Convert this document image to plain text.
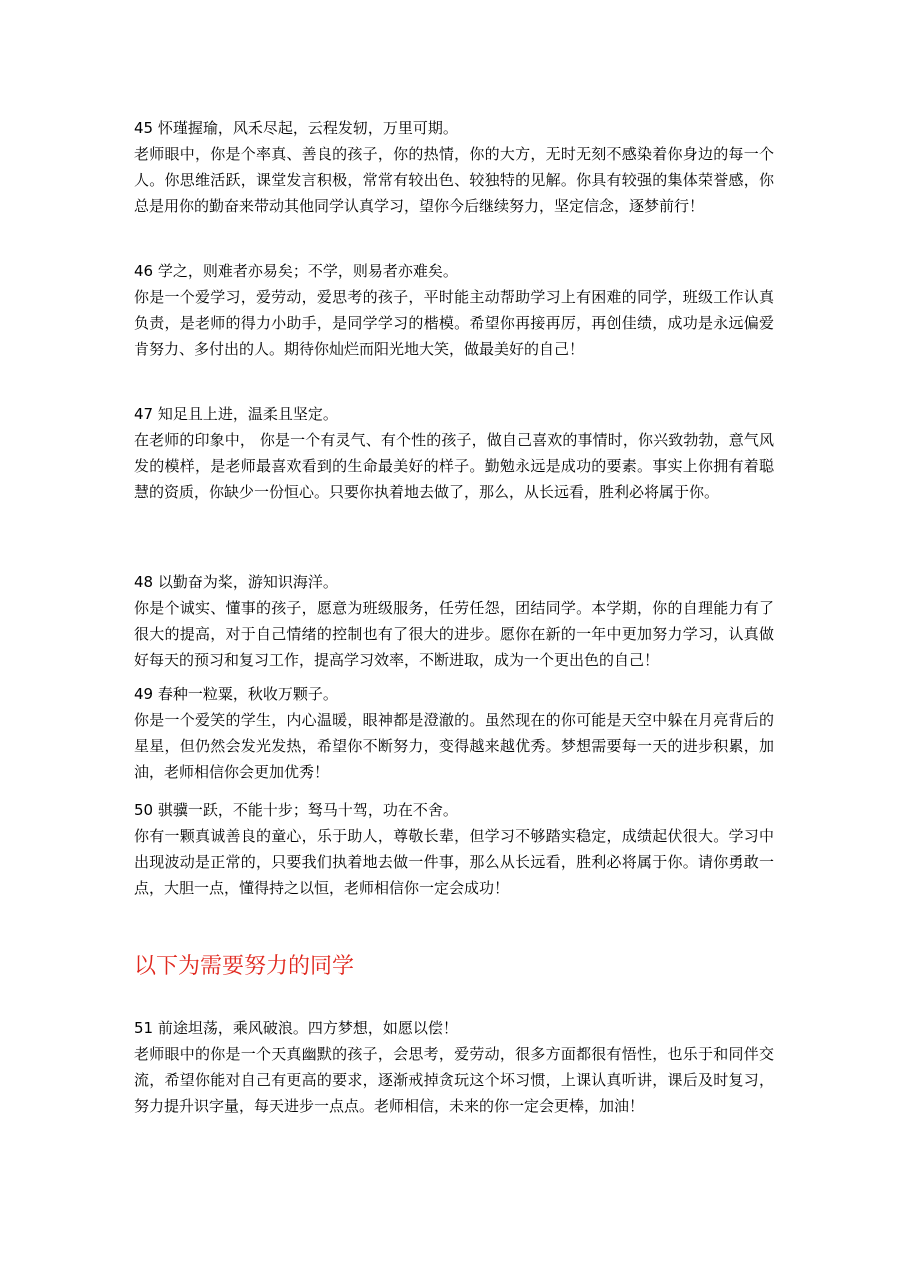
45 怀瑾握瑜，风禾尽起，云程发轫，万里可期。

老师眼中，你是个率真、善良的孩子，你的热情，你的大方，无时无刻不感染着你身边的每一个人。你思维活跃，课堂发言积极，常常有较出色、较独特的见解。你具有较强的集体荣誉感，你总是用你的勤奋来带动其他同学认真学习，望你今后继续努力，坚定信念，逐梦前行！

46 学之，则难者亦易矣；不学，则易者亦难矣。

你是一个爱学习，爱劳动，爱思考的孩子，平时能主动帮助学习上有困难的同学，班级工作认真负责，是老师的得力小助手，是同学学习的楷模。希望你再接再厉，再创佳绩，成功是永远偏爱肯努力、多付出的人。期待你灿烂而阳光地大笑，做最美好的自己！

47 知足且上进，温柔且坚定。

在老师的印象中， 你是一个有灵气、有个性的孩子，做自己喜欢的事情时，你兴致勃勃，意气风发的模样，是老师最喜欢看到的生命最美好的样子。勤勉永远是成功的要素。事实上你拥有着聪慧的资质，你缺少一份恒心。只要你执着地去做了，那么，从长远看，胜利必将属于你。

48 以勤奋为桨，游知识海洋。

你是个诚实、懂事的孩子，愿意为班级服务，任劳任怨，团结同学。本学期，你的自理能力有了很大的提高，对于自己情绪的控制也有了很大的进步。愿你在新的一年中更加努力学习，认真做好每天的预习和复习工作，提高学习效率，不断进取，成为一个更出色的自己！

49 春种一粒粟，秋收万颗子。

你是一个爱笑的学生，内心温暖，眼神都是澄澈的。虽然现在的你可能是天空中躲在月亮背后的星星，但仍然会发光发热，希望你不断努力，变得越来越优秀。梦想需要每一天的进步积累，加油，老师相信你会更加优秀！

50 骐骥一跃，不能十步；驽马十驾，功在不舍。

你有一颗真诚善良的童心，乐于助人，尊敬长辈，但学习不够踏实稳定，成绩起伏很大。学习中出现波动是正常的，只要我们执着地去做一件事，那么从长远看，胜利必将属于你。请你勇敢一点，大胆一点，懂得持之以恒，老师相信你一定会成功！

以下为需要努力的同学

51 前途坦荡，乘风破浪。四方梦想，如愿以偿！

老师眼中的你是一个天真幽默的孩子，会思考，爱劳动，很多方面都很有悟性，也乐于和同伴交流，希望你能对自己有更高的要求，逐渐戒掉贪玩这个坏习惯，上课认真听讲，课后及时复习，努力提升识字量，每天进步一点点。老师相信，未来的你一定会更棒，加油！
